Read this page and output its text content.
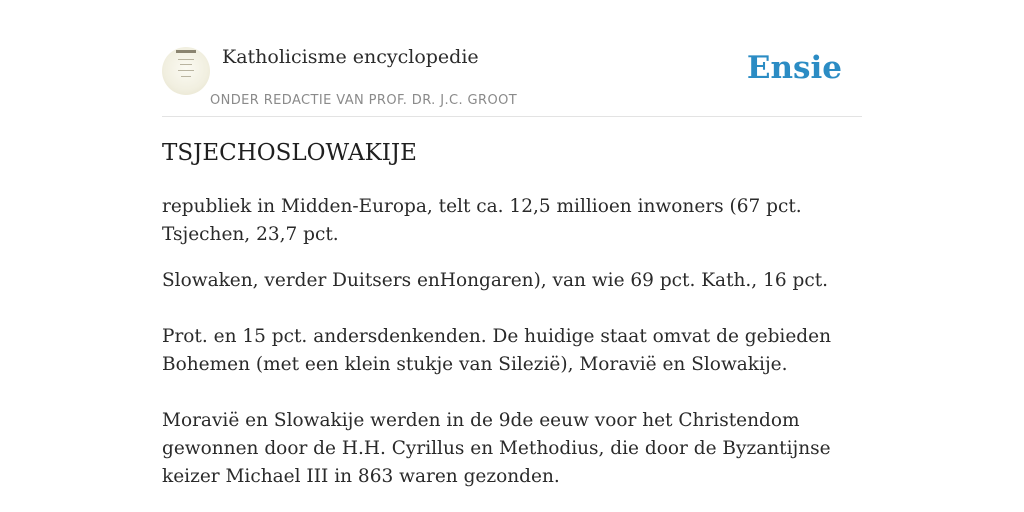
Katholicisme encyclopedie
ONDER REDACTIE VAN PROF. DR. J.C. GROOT
Ensie
TSJECHOSLOWAKIJE

republiek in Midden-Europa, telt ca. 12,5 millioen inwoners (67 pct. Tsjechen, 23,7 pct.

Slowaken, verder Duitsers enHongaren), van wie 69 pct. Kath., 16 pct.

Prot. en 15 pct. andersdenkenden. De huidige staat omvat de gebieden Bohemen (met een klein stukje van Silezië), Moravië en Slowakije.

Moravië en Slowakije werden in de 9de eeuw voor het Christendom gewonnen door de H.H. Cyrillus en Methodius, die door de Byzantijnse keizer Michael III in 863 waren gezonden.
